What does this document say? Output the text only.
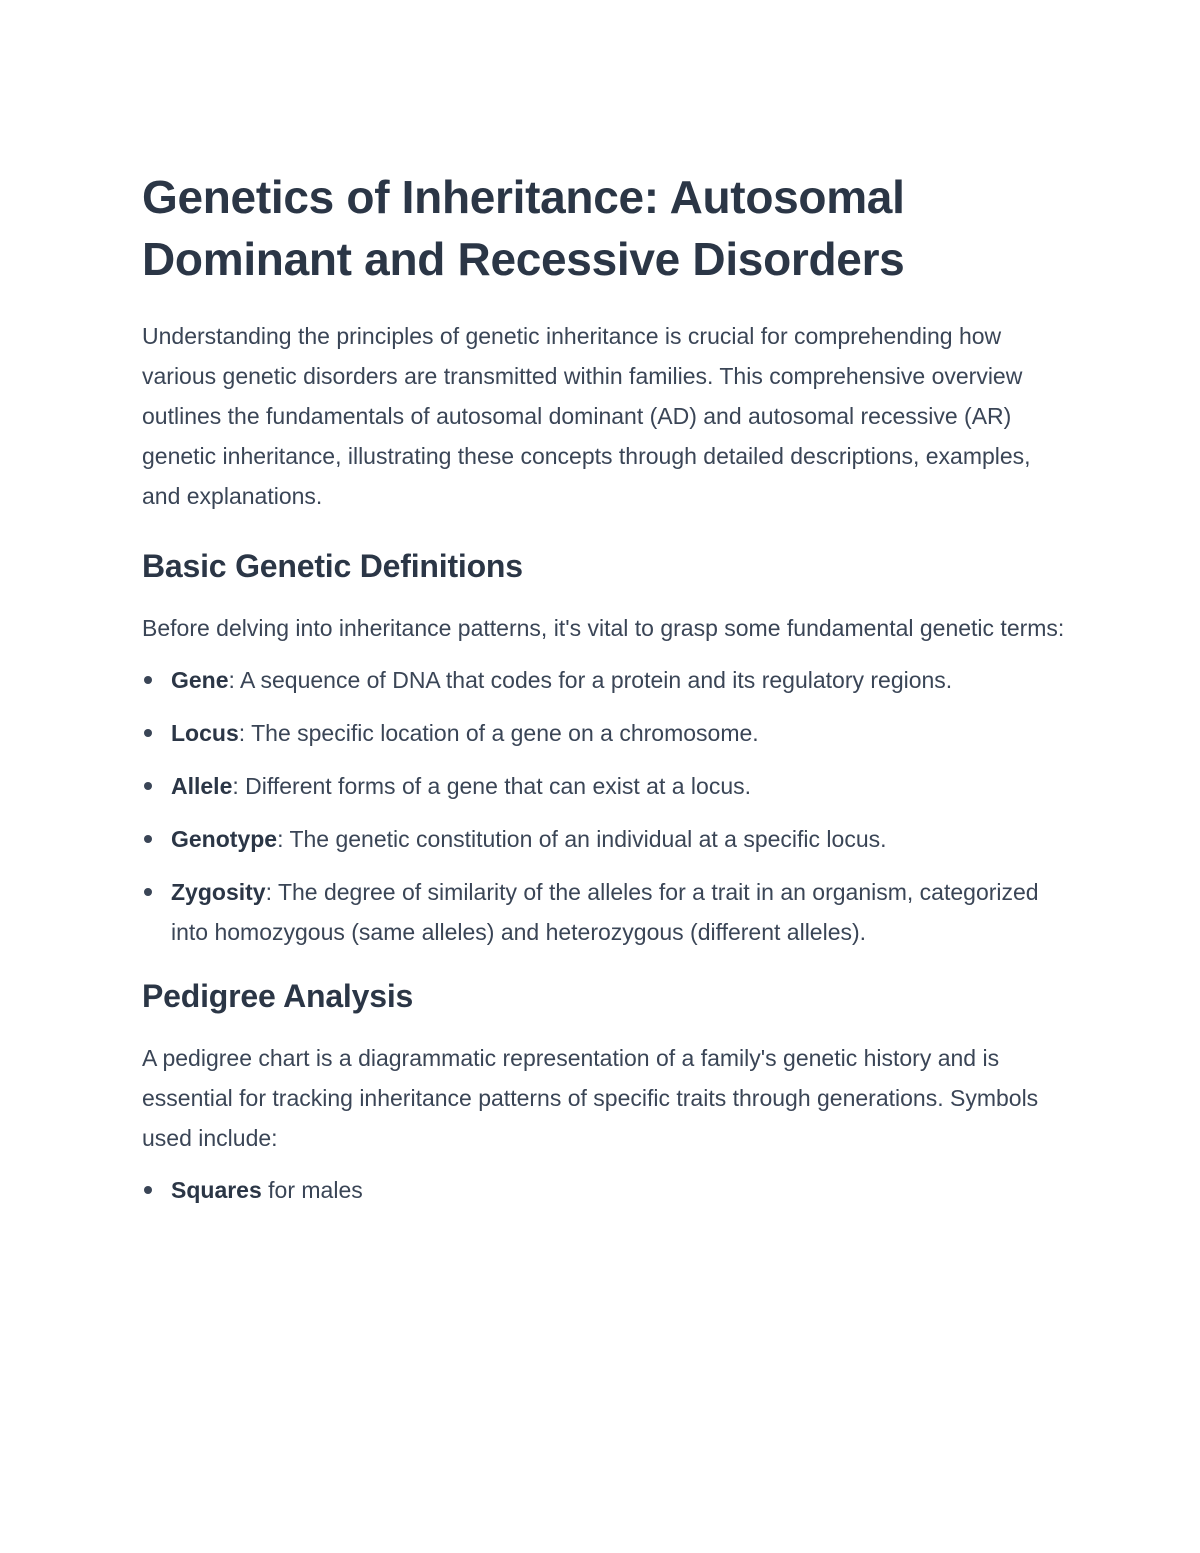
Genetics of Inheritance: Autosomal Dominant and Recessive Disorders

Understanding the principles of genetic inheritance is crucial for comprehending how various genetic disorders are transmitted within families. This comprehensive overview outlines the fundamentals of autosomal dominant (AD) and autosomal recessive (AR) genetic inheritance, illustrating these concepts through detailed descriptions, examples, and explanations.

Basic Genetic Definitions

Before delving into inheritance patterns, it's vital to grasp some fundamental genetic terms:

Gene: A sequence of DNA that codes for a protein and its regulatory regions.
Locus: The specific location of a gene on a chromosome.
Allele: Different forms of a gene that can exist at a locus.
Genotype: The genetic constitution of an individual at a specific locus.
Zygosity: The degree of similarity of the alleles for a trait in an organism, categorized into homozygous (same alleles) and heterozygous (different alleles).
Pedigree Analysis

A pedigree chart is a diagrammatic representation of a family's genetic history and is essential for tracking inheritance patterns of specific traits through generations. Symbols used include:

Squares for males
